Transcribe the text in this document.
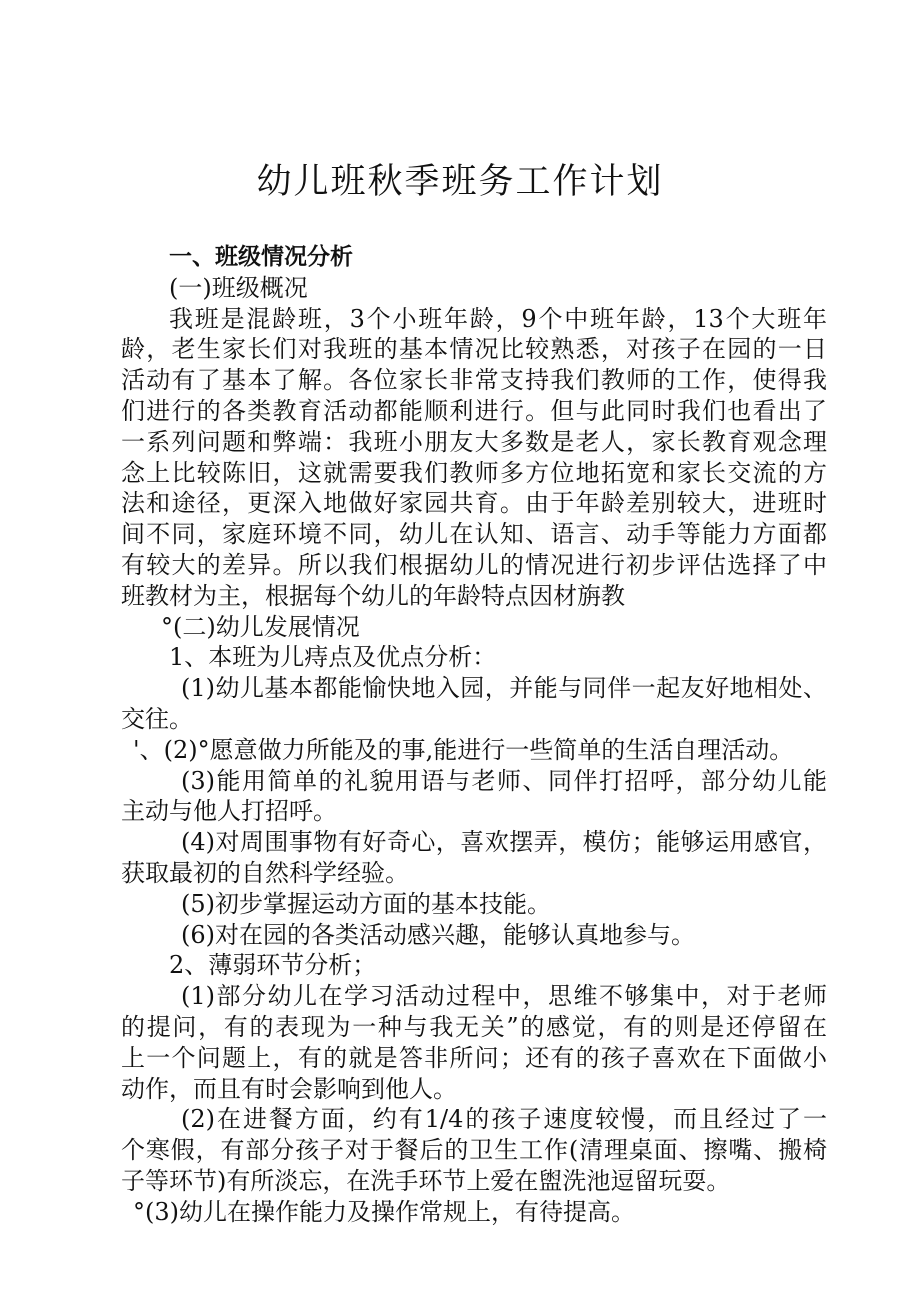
幼儿班秋季班务工作计划
一、班级情况分析
(一)班级概况
我班是混龄班，3个小班年龄，9个中班年龄，13个大班年
龄，老生家长们对我班的基本情况比较熟悉，对孩子在园的一日
活动有了基本了解。各位家长非常支持我们教师的工作，使得我
们进行的各类教育活动都能顺利进行。但与此同时我们也看出了
一系列问题和弊端：我班小朋友大多数是老人，家长教育观念理
念上比较陈旧，这就需要我们教师多方位地拓宽和家长交流的方
法和途径，更深入地做好家园共育。由于年龄差别较大，进班时
间不同，家庭环境不同，幼儿在认知、语言、动手等能力方面都
有较大的差异。所以我们根据幼儿的情况进行初步评估选择了中
班教材为主，根据每个幼儿的年龄特点因材旃教
°(二)幼儿发展情况
1、本班为儿痔点及优点分析：
(1)幼儿基本都能愉快地入园，并能与同伴一起友好地相处、
交往。
'、(2)°愿意做力所能及的事,能进行一些简单的生活自理活动。
(3)能用简单的礼貌用语与老师、同伴打招呼，部分幼儿能
主动与他人打招呼。
(4)对周围事物有好奇心，喜欢摆弄，模仿；能够运用感官，
获取最初的自然科学经验。
(5)初步掌握运动方面的基本技能。
(6)对在园的各类活动感兴趣，能够认真地参与。
2、薄弱环节分析；
(1)部分幼儿在学习活动过程中，思维不够集中，对于老师
的提问，有的表现为一种与我无关”的感觉，有的则是还停留在
上一个问题上，有的就是答非所问；还有的孩子喜欢在下面做小
动作，而且有时会影响到他人。
(2)在进餐方面，约有1/4的孩子速度较慢，而且经过了一
个寒假，有部分孩子对于餐后的卫生工作(清理桌面、擦嘴、搬椅
子等环节)有所淡忘，在洗手环节上爱在盥洗池逗留玩耍。
°(3)幼儿在操作能力及操作常规上，有待提高。
